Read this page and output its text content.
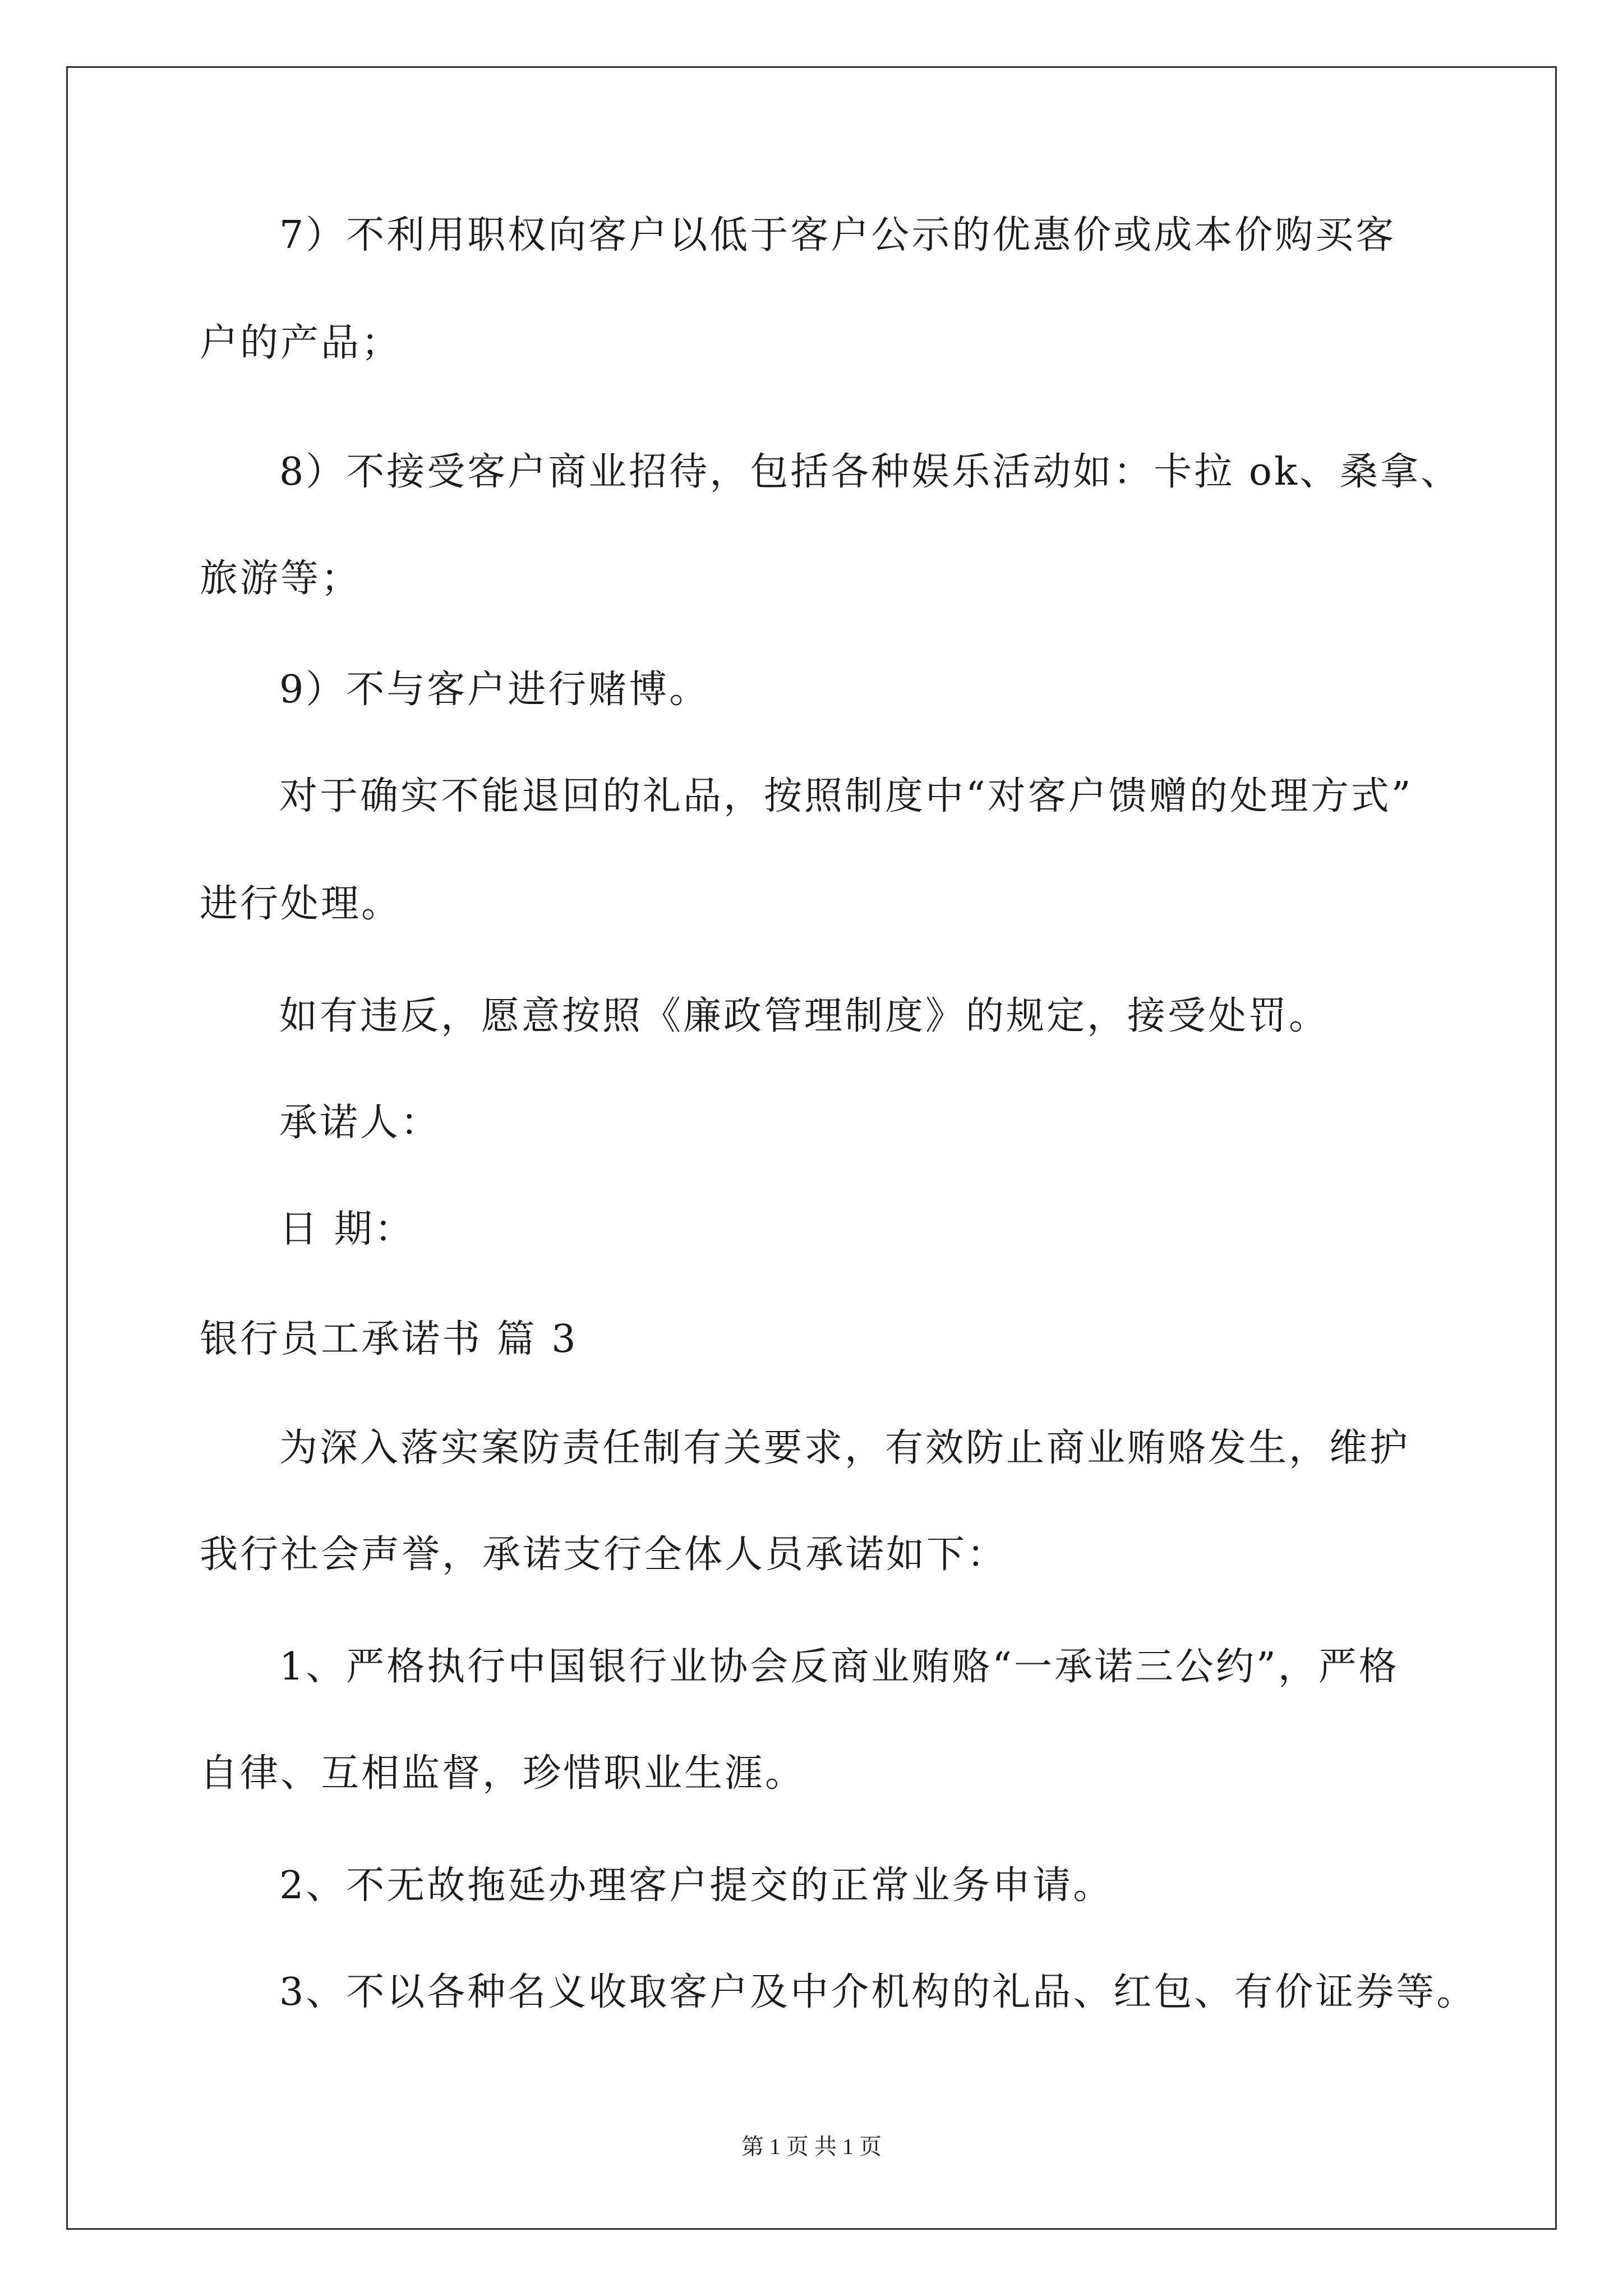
7）不利用职权向客户以低于客户公示的优惠价或成本价购买客
户的产品；
8）不接受客户商业招待，包括各种娱乐活动如：卡拉 ok、桑拿、
旅游等；
9）不与客户进行赌博。
对于确实不能退回的礼品，按照制度中“对客户馈赠的处理方式”
进行处理。
如有违反，愿意按照《廉政管理制度》的规定，接受处罚。
承诺人：
日 期：
银行员工承诺书 篇 3
为深入落实案防责任制有关要求，有效防止商业贿赂发生，维护
我行社会声誉，承诺支行全体人员承诺如下：
1、严格执行中国银行业协会反商业贿赂“一承诺三公约”，严格
自律、互相监督，珍惜职业生涯。
2、不无故拖延办理客户提交的正常业务申请。
3、不以各种名义收取客户及中介机构的礼品、红包、有价证券等。
第 1 页 共 1 页
